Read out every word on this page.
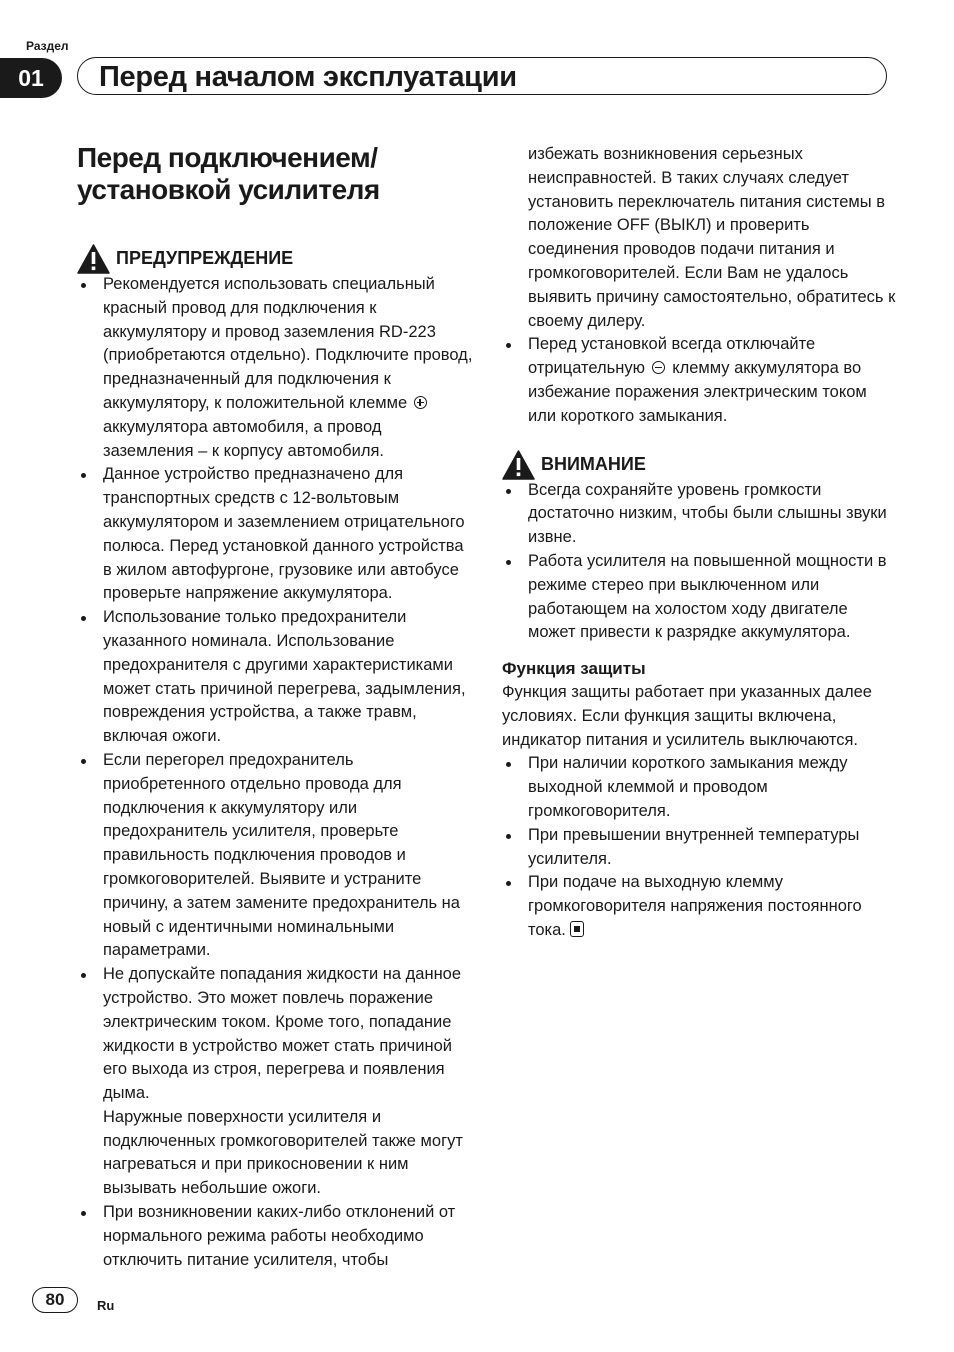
Раздел
01	Перед началом эксплуатации
Перед подключением/
установкой усилителя
ПРЕДУПРЕЖДЕНИЕ
Рекомендуется использовать специальный красный провод для подключения к аккумулятору и провод заземления RD-223 (приобретаются отдельно). Подключите провод, предназначенный для подключения к аккумулятору, к положительной клемме  аккумулятора автомобиля, а провод заземления – к корпусу автомобиля.
Данное устройство предназначено для транспортных средств с 12-вольтовым аккумулятором и заземлением отрицательного полюса. Перед установкой данного устройства в жилом автофургоне, грузовике или автобусе проверьте напряжение аккумулятора.
Использование только предохранители указанного номинала. Использование предохранителя с другими характеристиками может стать причиной перегрева, задымления, повреждения устройства, а также травм, включая ожоги.
Если перегорел предохранитель приобретенного отдельно провода для подключения к аккумулятору или предохранитель усилителя, проверьте правильность подключения проводов и громкоговорителей. Выявите и устраните причину, а затем замените предохранитель на новый с идентичными номинальными параметрами.
Не допускайте попадания жидкости на данное устройство. Это может повлечь поражение электрическим током. Кроме того, попадание жидкости в устройство может стать причиной его выхода из строя, перегрева и появления дыма.
Наружные поверхности усилителя и подключенных громкоговорителей также могут нагреваться и при прикосновении к ним вызывать небольшие ожоги.
При возникновении каких-либо отклонений от нормального режима работы необходимо отключить питание усилителя, чтобы
избежать возникновения серьезных неисправностей. В таких случаях следует установить переключатель питания системы в положение OFF (ВЫКЛ) и проверить соединения проводов подачи питания и громкоговорителей. Если Вам не удалось выявить причину самостоятельно, обратитесь к своему дилеру.
Перед установкой всегда отключайте отрицательную клемму аккумулятора во избежание поражения электрическим током или короткого замыкания.
ВНИМАНИЕ
Всегда сохраняйте уровень громкости достаточно низким, чтобы были слышны звуки извне.
Работа усилителя на повышенной мощности в режиме стерео при выключенном или работающем на холостом ходу двигателе может привести к разрядке аккумулятора.
Функция защиты
Функция защиты работает при указанных далее условиях. Если функция защиты включена, индикатор питания и усилитель выключаются.
При наличии короткого замыкания между выходной клеммой и проводом громкоговорителя.
При превышении внутренней температуры усилителя.
При подаче на выходную клемму громкоговорителя напряжения постоянного тока.
80	Ru
